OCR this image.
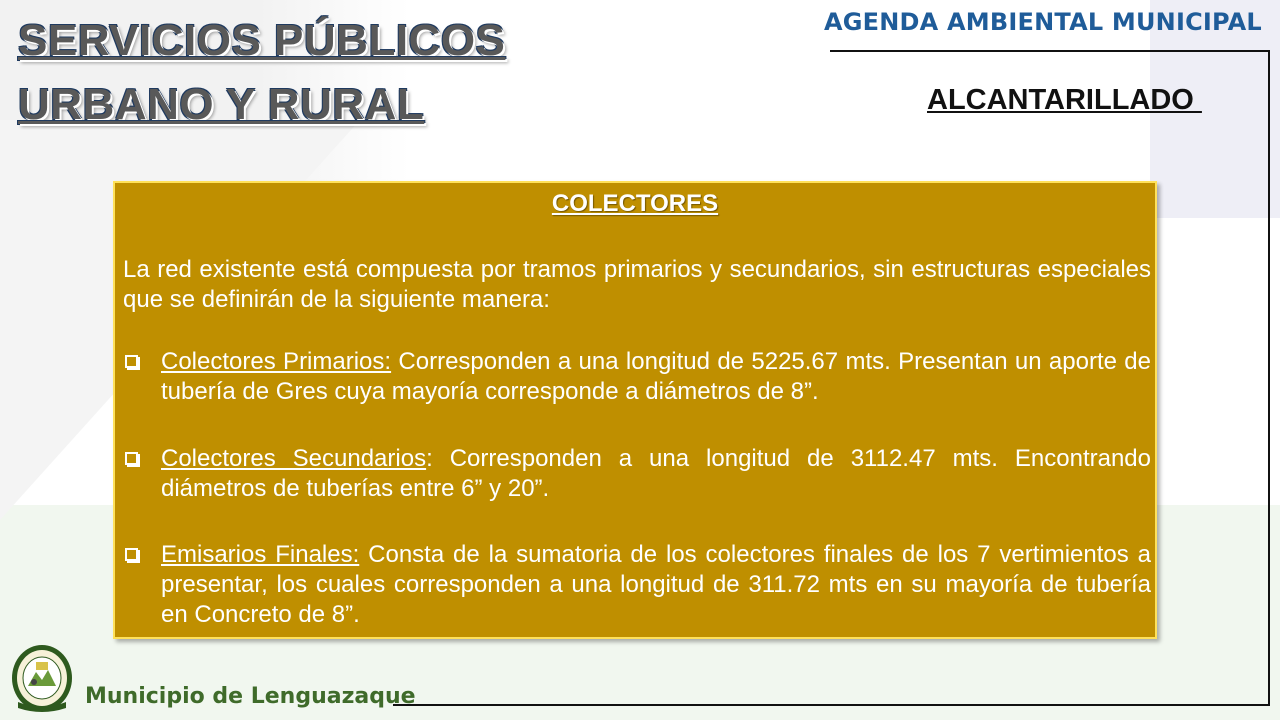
SERVICIOS PÚBLICOS
URBANO Y RURAL
AGENDA AMBIENTAL MUNICIPAL
ALCANTARILLADO
COLECTORES
La red existente está compuesta por tramos primarios y secundarios, sin estructuras especiales que se definirán de la siguiente manera:
Colectores Primarios: Corresponden a una longitud de 5225.67 mts. Presentan un aporte de tubería de Gres cuya mayoría corresponde a diámetros de 8”.
Colectores Secundarios: Corresponden a una longitud de 3112.47 mts. Encontrando diámetros de tuberías entre 6” y 20”.
Emisarios Finales: Consta de la sumatoria de los colectores finales de los 7 vertimientos a presentar, los cuales corresponden a una longitud de 311.72 mts en su mayoría de tubería en Concreto de 8”.
Municipio de Lenguazaque
